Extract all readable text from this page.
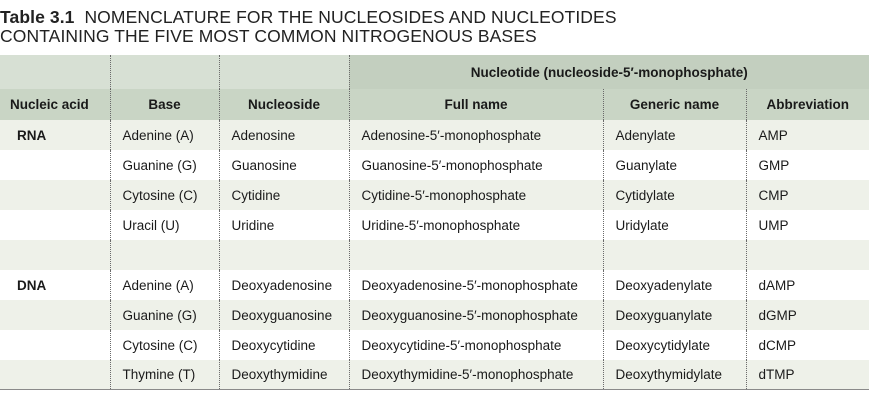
Table 3.1 NOMENCLATURE FOR THE NUCLEOSIDES AND NUCLEOTIDES
CONTAINING THE FIVE MOST COMMON NITROGENOUS BASES
			Nucleotide (nucleoside-5′-monophosphate)		
Nucleic acid	Base	Nucleoside	Full name	Generic name	Abbreviation
RNA	Adenine (A)	Adenosine	Adenosine-5′-monophosphate	Adenylate	AMP
	Guanine (G)	Guanosine	Guanosine-5′-monophosphate	Guanylate	GMP
	Cytosine (C)	Cytidine	Cytidine-5′-monophosphate	Cytidylate	CMP
	Uracil (U)	Uridine	Uridine-5′-monophosphate	Uridylate	UMP

DNA	Adenine (A)	Deoxyadenosine	Deoxyadenosine-5′-monophosphate	Deoxyadenylate	dAMP
	Guanine (G)	Deoxyguanosine	Deoxyguanosine-5′-monophosphate	Deoxyguanylate	dGMP
	Cytosine (C)	Deoxycytidine	Deoxycytidine-5′-monophosphate	Deoxycytidylate	dCMP
	Thymine (T)	Deoxythymidine	Deoxythymidine-5′-monophosphate	Deoxythymidylate	dTMP
